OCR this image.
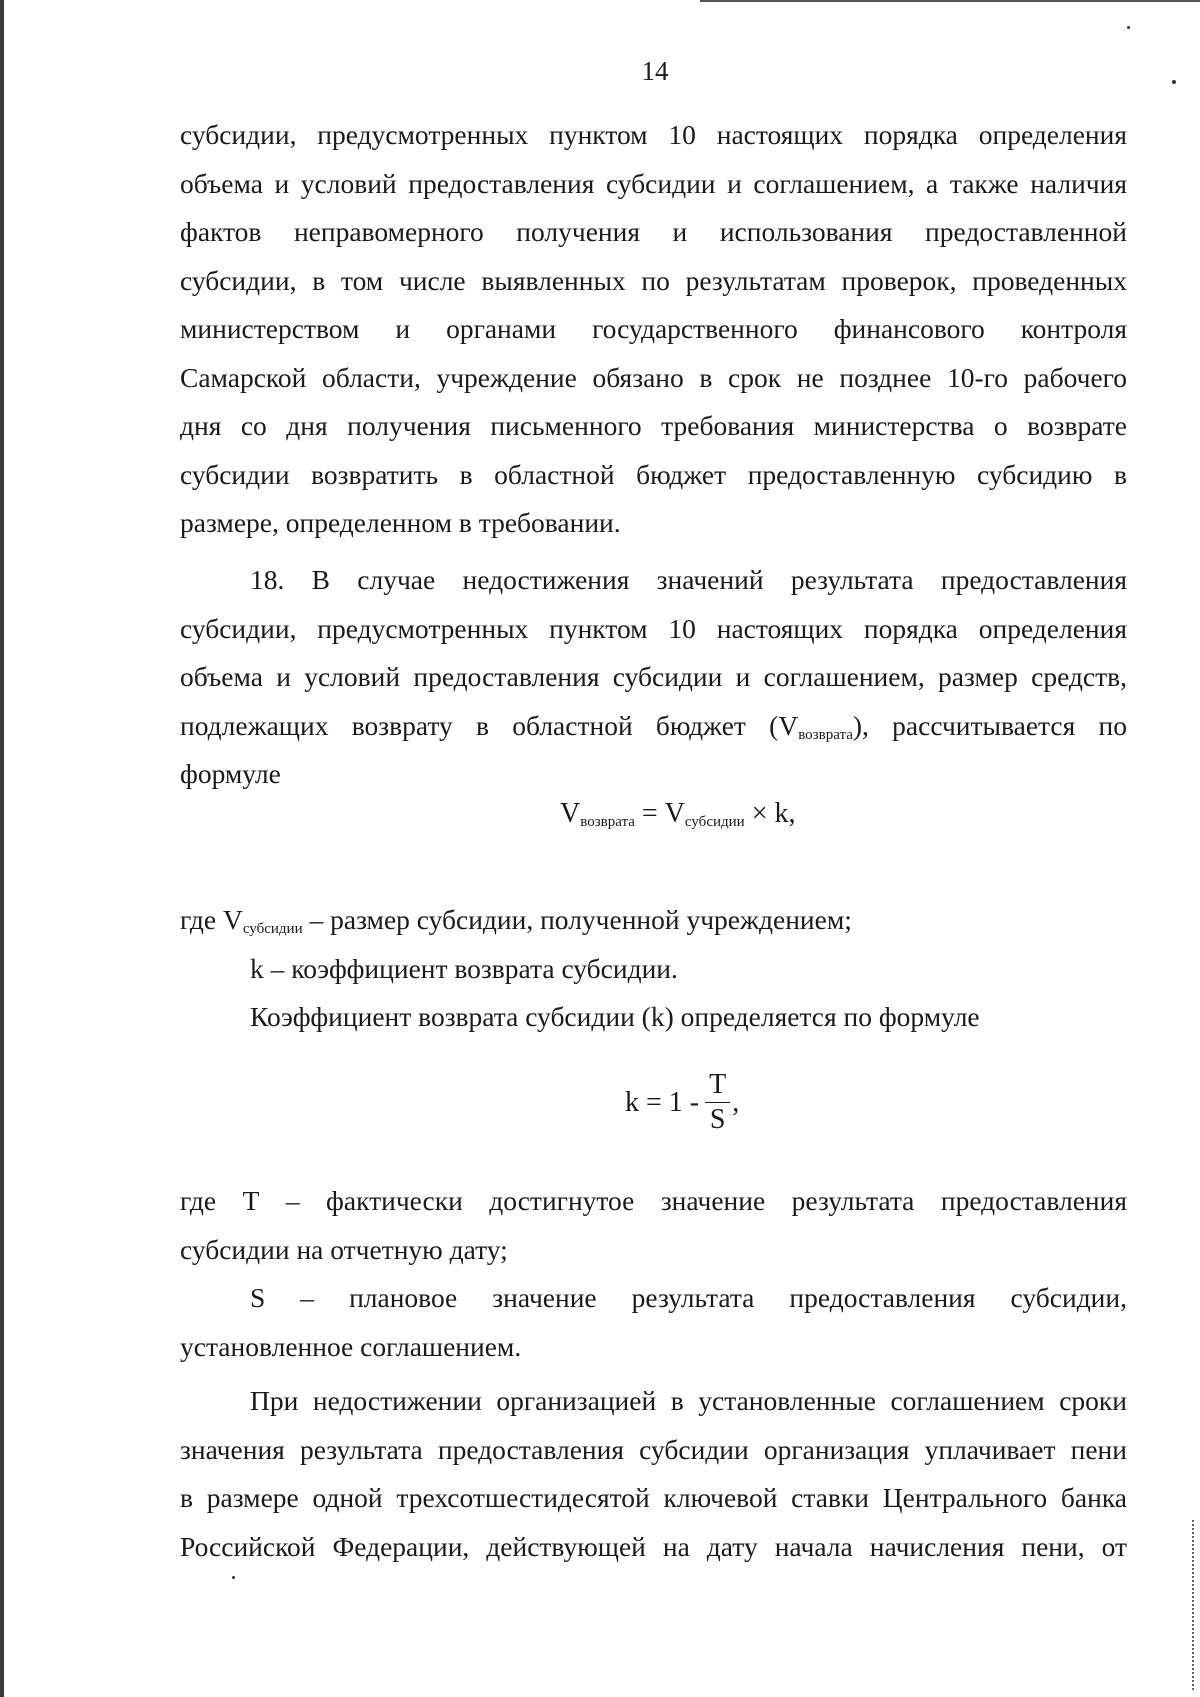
14
субсидии, предусмотренных пунктом 10 настоящих порядка определения
объема и условий предоставления субсидии и соглашением, а также наличия
фактов неправомерного получения и использования предоставленной
субсидии, в том числе выявленных по результатам проверок, проведенных
министерством и органами государственного финансового контроля
Самарской области, учреждение обязано в срок не позднее 10-го рабочего
дня со дня получения письменного требования министерства о возврате
субсидии возвратить в областной бюджет предоставленную субсидию в
размере, определенном в требовании.
18. В случае недостижения значений результата предоставления
субсидии, предусмотренных пунктом 10 настоящих порядка определения
объема и условий предоставления субсидии и соглашением, размер средств,
подлежащих возврату в областной бюджет $(V_{возврата})$, рассчитывается по
формуле
$V_{возврата} = V_{субсидии} \times k$,
где $V_{субсидии}$ – размер субсидии, полученной учреждением;
k – коэффициент возврата субсидии.
Коэффициент возврата субсидии (k) определяется по формуле
$k = 1 - \frac{T}{S}$ ,
где Т – фактически достигнутое значение результата предоставления
субсидии на отчетную дату;
S – плановое значение результата предоставления субсидии,
установленное соглашением.
При недостижении организацией в установленные соглашением сроки
значения результата предоставления субсидии организация уплачивает пени
в размере одной трехсотшестидесятой ключевой ставки Центрального банка
Российской Федерации, действующей на дату начала начисления пени, от
